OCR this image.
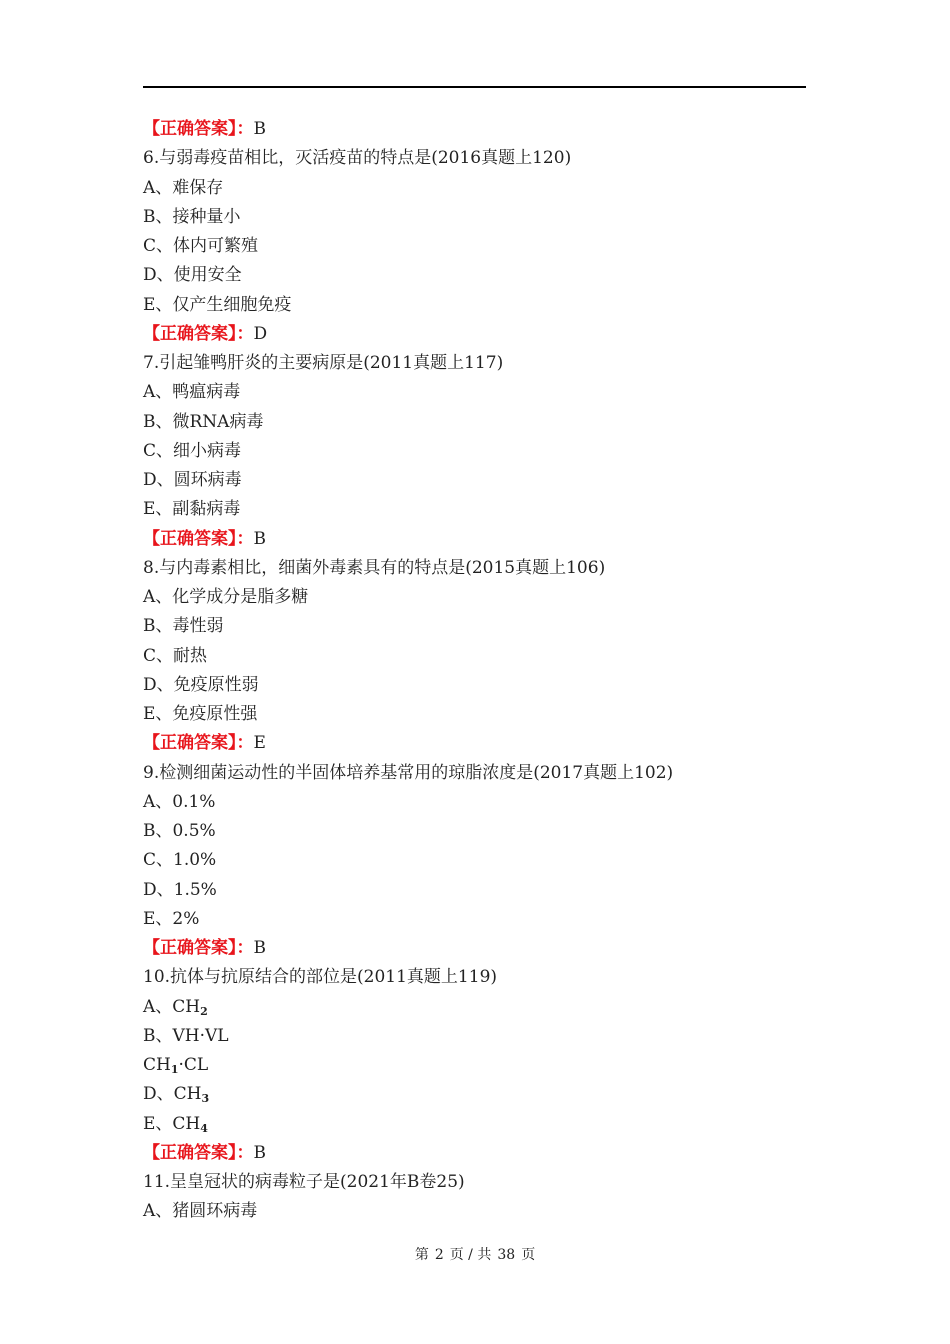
【正确答案】：B
6.与弱毒疫苗相比，灭活疫苗的特点是(2016真题上120)
A、难保存
B、接种量小
C、体内可繁殖
D、使用安全
E、仅产生细胞免疫
【正确答案】：D
7.引起雏鸭肝炎的主要病原是(2011真题上117)
A、鸭瘟病毒
B、微RNA病毒
C、细小病毒
D、圆环病毒
E、副黏病毒
【正确答案】：B
8.与内毒素相比，细菌外毒素具有的特点是(2015真题上106)
A、化学成分是脂多糖
B、毒性弱
C、耐热
D、免疫原性弱
E、免疫原性强
【正确答案】：E
9.检测细菌运动性的半固体培养基常用的琼脂浓度是(2017真题上102)
A、0.1%
B、0.5%
C、1.0%
D、1.5%
E、2%
【正确答案】：B
10.抗体与抗原结合的部位是(2011真题上119)
A、$CH_2$
B、VH·VL
$CH_1\cdot CL$
D、$CH_3$
E、$CH_4$
【正确答案】：B
11.呈皇冠状的病毒粒子是(2021年B卷25)
A、猪圆环病毒
第 2 页 / 共 38 页
